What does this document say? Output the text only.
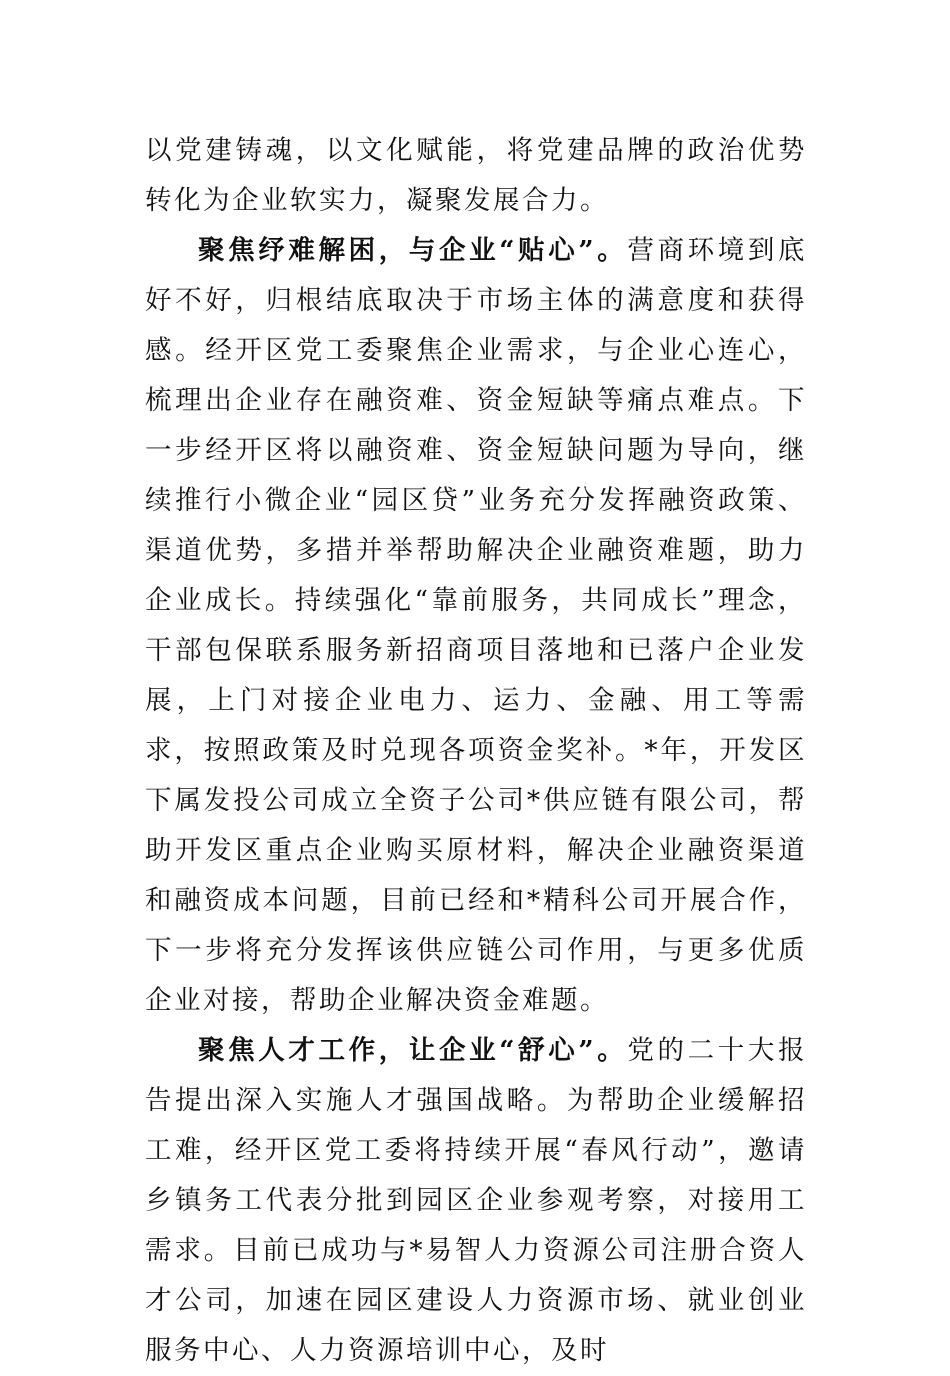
以党建铸魂，以文化赋能，将党建品牌的政治优势转化为企业软实力，凝聚发展合力。

聚焦纾难解困，与企业“贴心”。营商环境到底好不好，归根结底取决于市场主体的满意度和获得感。经开区党工委聚焦企业需求，与企业心连心，梳理出企业存在融资难、资金短缺等痛点难点。下一步经开区将以融资难、资金短缺问题为导向，继续推行小微企业“园区贷”业务充分发挥融资政策、渠道优势，多措并举帮助解决企业融资难题，助力企业成长。持续强化“靠前服务，共同成长”理念，干部包保联系服务新招商项目落地和已落户企业发展，上门对接企业电力、运力、金融、用工等需求，按照政策及时兑现各项资金奖补。*年，开发区下属发投公司成立全资子公司*供应链有限公司，帮助开发区重点企业购买原材料，解决企业融资渠道和融资成本问题，目前已经和*精科公司开展合作，下一步将充分发挥该供应链公司作用，与更多优质企业对接，帮助企业解决资金难题。

聚焦人才工作，让企业“舒心”。党的二十大报告提出深入实施人才强国战略。为帮助企业缓解招工难，经开区党工委将持续开展“春风行动”，邀请乡镇务工代表分批到园区企业参观考察，对接用工需求。目前已成功与*易智人力资源公司注册合资人才公司，加速在园区建设人力资源市场、就业创业服务中心、人力资源培训中心，及时
